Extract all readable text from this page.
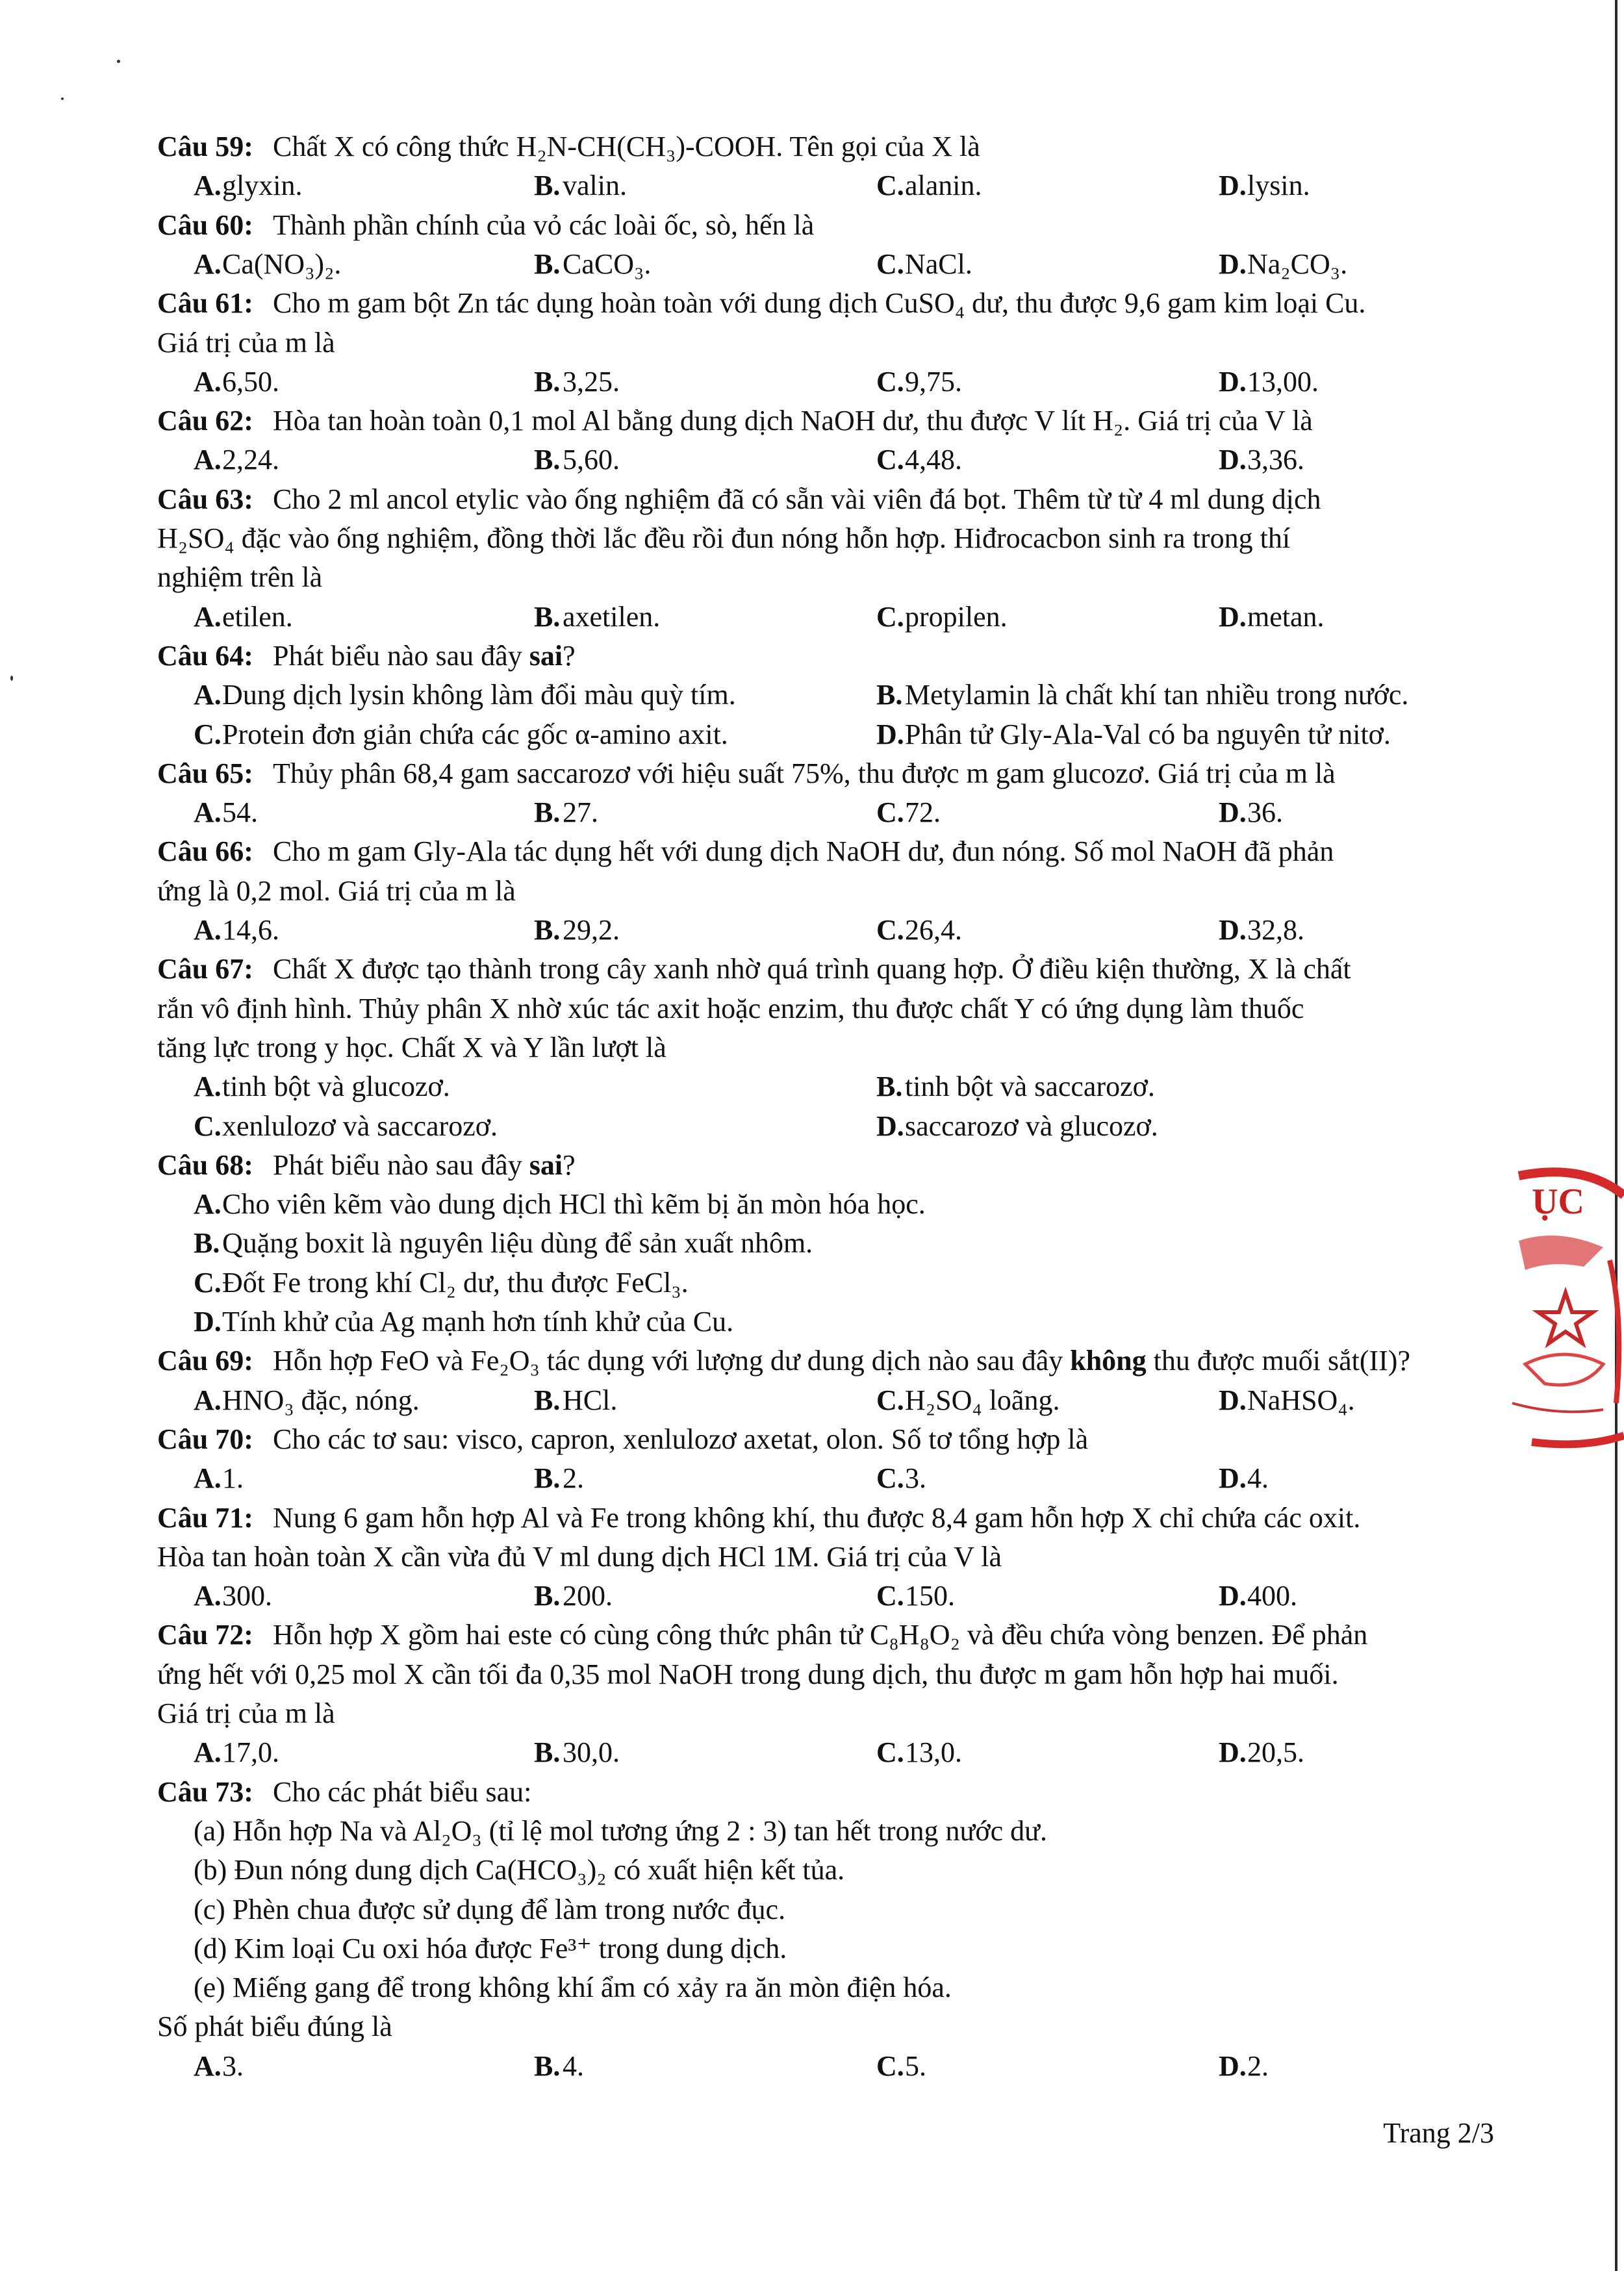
Câu 59: Chất X có công thức H₂N-CH(CH₃)-COOH. Tên gọi của X là
A. glyxin.	B. valin.	C. alanin.	D. lysin.
Câu 60: Thành phần chính của vỏ các loài ốc, sò, hến là
A. Ca(NO₃)₂.	B. CaCO₃.	C. NaCl.	D. Na₂CO₃.
Câu 61: Cho m gam bột Zn tác dụng hoàn toàn với dung dịch CuSO₄ dư, thu được 9,6 gam kim loại Cu.
Giá trị của m là
A. 6,50.	B. 3,25.	C. 9,75.	D. 13,00.
Câu 62: Hòa tan hoàn toàn 0,1 mol Al bằng dung dịch NaOH dư, thu được V lít H₂. Giá trị của V là
A. 2,24.	B. 5,60.	C. 4,48.	D. 3,36.
Câu 63: Cho 2 ml ancol etylic vào ống nghiệm đã có sẵn vài viên đá bọt. Thêm từ từ 4 ml dung dịch
H₂SO₄ đặc vào ống nghiệm, đồng thời lắc đều rồi đun nóng hỗn hợp. Hiđrocacbon sinh ra trong thí
nghiệm trên là
A. etilen.	B. axetilen.	C. propilen.	D. metan.
Câu 64: Phát biểu nào sau đây sai?
A. Dung dịch lysin không làm đổi màu quỳ tím.	B. Metylamin là chất khí tan nhiều trong nước.
C. Protein đơn giản chứa các gốc α-amino axit.	D. Phân tử Gly-Ala-Val có ba nguyên tử nitơ.
Câu 65: Thủy phân 68,4 gam saccarozơ với hiệu suất 75%, thu được m gam glucozơ. Giá trị của m là
A. 54.	B. 27.	C. 72.	D. 36.
Câu 66: Cho m gam Gly-Ala tác dụng hết với dung dịch NaOH dư, đun nóng. Số mol NaOH đã phản
ứng là 0,2 mol. Giá trị của m là
A. 14,6.	B. 29,2.	C. 26,4.	D. 32,8.
Câu 67: Chất X được tạo thành trong cây xanh nhờ quá trình quang hợp. Ở điều kiện thường, X là chất
rắn vô định hình. Thủy phân X nhờ xúc tác axit hoặc enzim, thu được chất Y có ứng dụng làm thuốc
tăng lực trong y học. Chất X và Y lần lượt là
A. tinh bột và glucozơ.	B. tinh bột và saccarozơ.
C. xenlulozơ và saccarozơ.	D. saccarozơ và glucozơ.
Câu 68: Phát biểu nào sau đây sai?
A. Cho viên kẽm vào dung dịch HCl thì kẽm bị ăn mòn hóa học.
B. Quặng boxit là nguyên liệu dùng để sản xuất nhôm.
C. Đốt Fe trong khí Cl₂ dư, thu được FeCl₃.
D. Tính khử của Ag mạnh hơn tính khử của Cu.
Câu 69: Hỗn hợp FeO và Fe₂O₃ tác dụng với lượng dư dung dịch nào sau đây không thu được muối sắt(II)?
A. HNO₃ đặc, nóng.	B. HCl.	C. H₂SO₄ loãng.	D. NaHSO₄.
Câu 70: Cho các tơ sau: visco, capron, xenlulozơ axetat, olon. Số tơ tổng hợp là
A. 1.	B. 2.	C. 3.	D. 4.
Câu 71: Nung 6 gam hỗn hợp Al và Fe trong không khí, thu được 8,4 gam hỗn hợp X chỉ chứa các oxit.
Hòa tan hoàn toàn X cần vừa đủ V ml dung dịch HCl 1M. Giá trị của V là
A. 300.	B. 200.	C. 150.	D. 400.
Câu 72: Hỗn hợp X gồm hai este có cùng công thức phân tử C₈H₈O₂ và đều chứa vòng benzen. Để phản
ứng hết với 0,25 mol X cần tối đa 0,35 mol NaOH trong dung dịch, thu được m gam hỗn hợp hai muối.
Giá trị của m là
A. 17,0.	B. 30,0.	C. 13,0.	D. 20,5.
Câu 73: Cho các phát biểu sau:
(a) Hỗn hợp Na và Al₂O₃ (tỉ lệ mol tương ứng 2 : 3) tan hết trong nước dư.
(b) Đun nóng dung dịch Ca(HCO₃)₂ có xuất hiện kết tủa.
(c) Phèn chua được sử dụng để làm trong nước đục.
(d) Kim loại Cu oxi hóa được Fe³⁺ trong dung dịch.
(e) Miếng gang để trong không khí ẩm có xảy ra ăn mòn điện hóa.
Số phát biểu đúng là
A. 3.	B. 4.	C. 5.	D. 2.
ỤC
Trang 2/3
